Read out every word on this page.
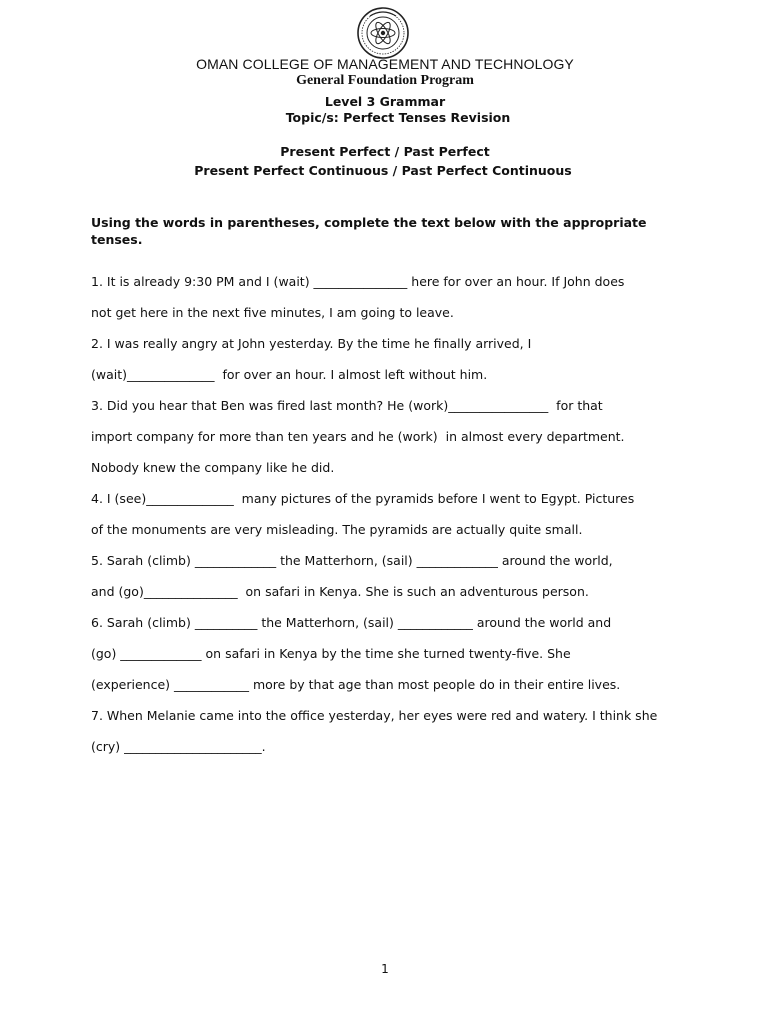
OMAN COLLEGE OF MANAGEMENT AND TECHNOLOGY
General Foundation Program
Level 3 Grammar
Topic/s: Perfect Tenses Revision
Present Perfect / Past Perfect
Present Perfect Continuous / Past Perfect Continuous
Using the words in parentheses, complete the text below with the appropriate tenses.
1. It is already 9:30 PM and I (wait) _______________ here for over an hour. If John does
not get here in the next five minutes, I am going to leave.
2. I was really angry at John yesterday. By the time he finally arrived, I
(wait)______________  for over an hour. I almost left without him.
3. Did you hear that Ben was fired last month? He (work)________________  for that
import company for more than ten years and he (work)  in almost every department.
Nobody knew the company like he did.
4. I (see)______________  many pictures of the pyramids before I went to Egypt. Pictures
of the monuments are very misleading. The pyramids are actually quite small.
5. Sarah (climb) _____________ the Matterhorn, (sail) _____________ around the world,
and (go)_______________  on safari in Kenya. She is such an adventurous person.
6. Sarah (climb) __________ the Matterhorn, (sail) ____________ around the world and
(go) _____________ on safari in Kenya by the time she turned twenty-five. She
(experience) ____________ more by that age than most people do in their entire lives.
7. When Melanie came into the office yesterday, her eyes were red and watery. I think she
(cry) ______________________.
1
